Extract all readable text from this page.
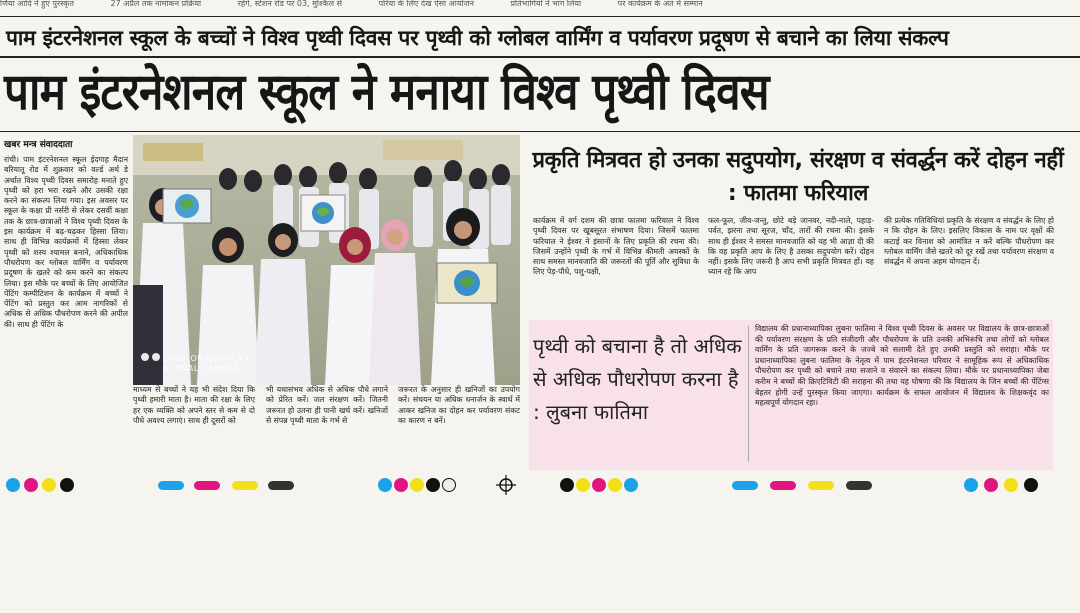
र्णिया आदि ने हुए पुरस्कृत	27 अप्रैल तक नामांकन प्रक्रिया	रहेंगे, स्टेशन रोड पर 03, मुश्किल से	परिया के लिए देख ऐसा आयोजन	प्रतिभागियों ने भाग लिया	पर कार्यक्रम के अंत में सम्मान
पाम इंटरनेशनल स्कूल के बच्चों ने विश्व पृथ्वी दिवस पर पृथ्वी को ग्लोबल वार्मिंग व पर्यावरण प्रदूषण से बचाने का लिया संकल्प
पाम इंटरनेशनल स्कूल ने मनाया विश्व पृथ्वी दिवस
खबर मन्त्र संवाददाता
रांची। पाम इंटरनेशनल स्कूल ईदगाह मैदान बरियातू रोड में शुक्रवार को वर्ल्ड अर्थ डे अर्थात विश्व पृथ्वी दिवस समारोह मनाते हुए पृथ्वी को हरा भरा रखने और उसकी रक्षा करने का संकल्प लिया गया। इस अवसर पर स्कूल के कक्षा प्री नर्सरी से लेकर दसवीं कक्षा तक के छात्र-छात्राओं ने विश्व पृथ्वी दिवस के इस कार्यक्रम में बढ़-चढ़कर हिस्सा लिया। साथ ही विभिन्न कार्यक्रमों में हिस्सा लेकर पृथ्वी को शस्य श्यामल बनाने, अधिकाधिक पौधरोपण कर ग्लोबल वार्मिंग व पर्यावरण प्रदूषण के खतरे को कम करने का संकल्प लिया। इस मौके पर बच्चों के लिए आयोजित पेंटिंग कम्पीटिशन के कार्यक्रम में बच्चों ने पेंटिंग को प्रस्तुत कर आम नागरिकों से अधिक से अधिक पौधरोपण करने की अपील की। साथ ही पेंटिंग के
SHOT ON REDMI Y3
AI DUAL CAMERA
माध्यम से बच्चों ने यह भी संदेश दिया कि पृथ्वी हमारी माता है। माता की रक्षा के लिए हर एक व्यक्ति को अपने स्तर से कम से दो पौधे अवश्य लगाएं। साथ ही दूसरों को
भी यथासंभव अधिक से अधिक पौधे लगाने को प्रेरित करें। जल संरक्षण करें। जितनी जरूरत हो उतना ही पानी खर्च करें। खनिजों से संपन्न पृथ्वी माता के गर्भ से
जरूरत के अनुसार ही खनिजों का उपयोग करें। संचयन या अधिक धनार्जन के स्वार्थ में आकर खनिज का दोहन कर पर्यावरण संकट का कारण न बनें।
प्रकृति मित्रवत हो उनका सदुपयोग, संरक्षण व संवर्द्धन करें दोहन नहीं : फातमा फरियाल
कार्यक्रम में वर्ग दशम की छात्रा फातमा फरियाल ने विश्व पृथ्वी दिवस पर खूबसूरत संभाषण दिया। जिसमें फातमा फरियाल ने ईश्वर ने इंसानों के लिए प्रकृति की रचना की। जिसमें उन्होंने पृथ्वी के गर्भ में विभिन्न कीमती अयस्कों के साथ समस्त मानवजाति की जरूरतों की पूर्ति और सुविधा के लिए पेड़-पौधे, पशु-पक्षी,
फल-फूल, जीव-जन्तु, छोटे बड़े जानवर, नदी-नाले, पहाड़-पर्वत, झरना तथा सूरज, चाँद, तारों की रचना की। इसके साथ ही ईश्वर ने समस्त मानवजाति को यह भी आज्ञा दी की कि वह प्रकृति आप के लिए है उसका सदुपयोग करें। दोहन नहीं। इसके लिए जरूरी है आप सभी प्रकृति मित्रवत हों। यह ध्यान रहे कि आप
की प्रत्येक गतिविधियां प्रकृति के संरक्षण व संवर्द्धन के लिए हो न कि दोहन के लिए। इसलिए विकास के नाम पर वृक्षों की कटाई कर विनाश को आमंत्रित न करें बल्कि पौधरोपण कर ग्लोबल वार्मिंग जैसे खतरे को दूर रखें तथा पर्यावरण संरक्षण व संवर्द्धन में अपना अहम योगदान दें।
पृथ्वी को बचाना है तो अधिक से अधिक पौधरोपण करना है : लुबना फातिमा
विद्यालय की प्रधानाध्यापिका लुबना फातिमा ने विश्व पृथ्वी दिवस के अवसर पर विद्यालय के छात्र-छात्राओं की पर्यावरण संरक्षण के प्रति संजीदगी और पौधरोपण के प्रति उनकी अभिरूचि तथा लोगों को ग्लोबल वार्मिंग के प्रति जागरूक करने के जज्बे को सलामी देते हुए उनकी प्रस्तुति को सराहा। मौके पर प्रधानाध्यापिका लुबना फातिमा के नेतृत्व में पाम इंटरनेशनल परिवार ने सामूहिक रूप से अधिकाधिक पौधरोपण कर पृथ्वी को बचाने तथा सजाने व संवारने का संकल्प लिया। मौके पर प्रधानाध्यापिका जेबा करीम ने बच्चों की क्रिएटिविटी की सराहना की तथा यह घोषणा की कि विद्यालय के जिन बच्चों की पेंटिंग्स बेहतर होगी उन्हें पुरस्कृत किया जाएगा। कार्यक्रम के सफल आयोजन में विद्यालय के शिक्षकवृंद का महत्वपूर्ण योगदान रहा।
